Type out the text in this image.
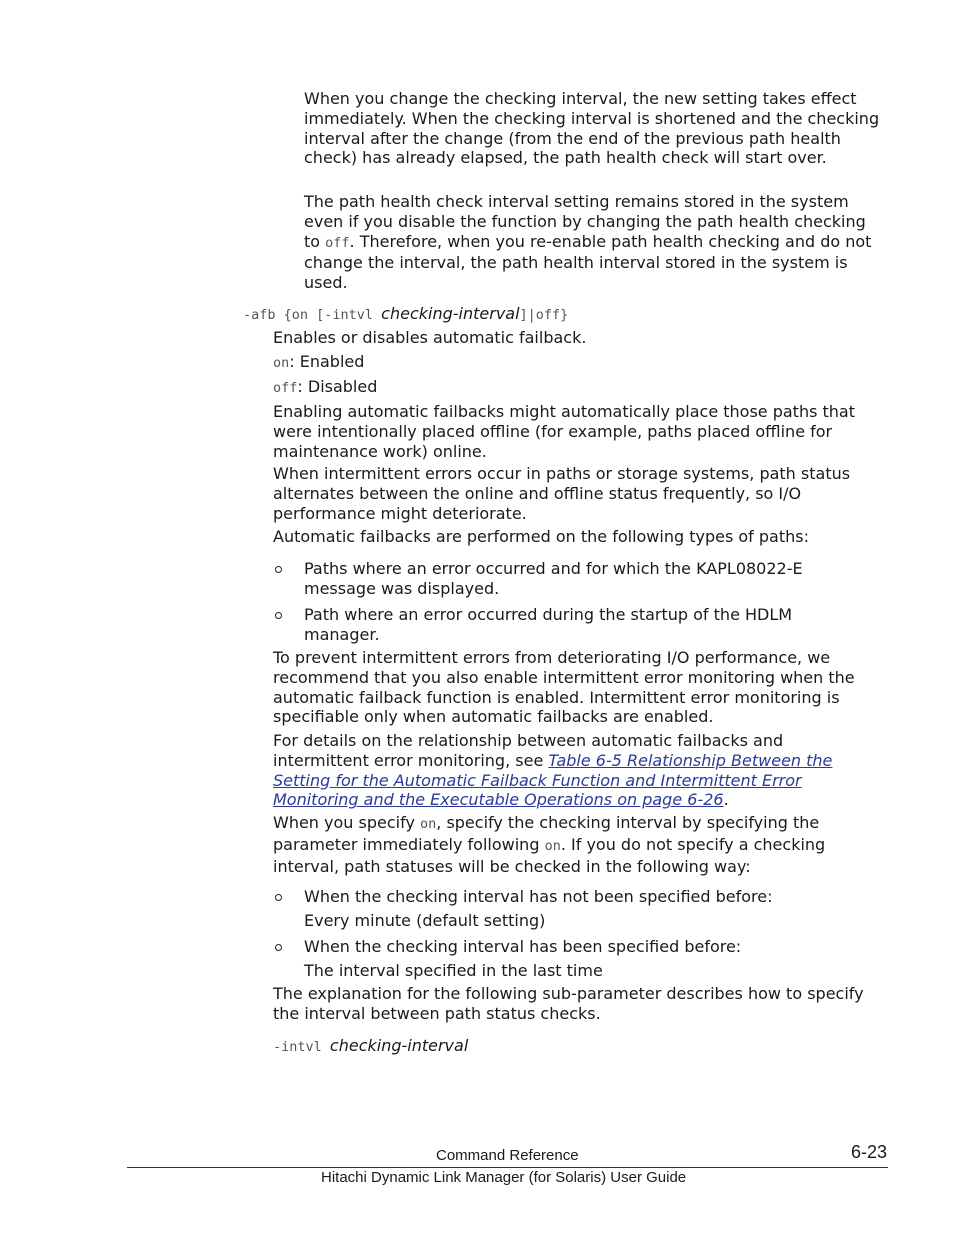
When you change the checking interval, the new setting takes effect immediately. When the checking interval is shortened and the checking interval after the change (from the end of the previous path health check) has already elapsed, the path health check will start over.

The path health check interval setting remains stored in the system even if you disable the function by changing the path health checking to off. Therefore, when you re-enable path health checking and do not change the interval, the path health interval stored in the system is used.

-afb {on [-intvl checking-interval]|off}

Enables or disables automatic failback.

on: Enabled

off: Disabled

Enabling automatic failbacks might automatically place those paths that were intentionally placed offline (for example, paths placed offline for maintenance work) online.

When intermittent errors occur in paths or storage systems, path status alternates between the online and offline status frequently, so I/O performance might deteriorate.

Automatic failbacks are performed on the following types of paths:

Paths where an error occurred and for which the KAPL08022-E message was displayed.

Path where an error occurred during the startup of the HDLM manager.

To prevent intermittent errors from deteriorating I/O performance, we recommend that you also enable intermittent error monitoring when the automatic failback function is enabled. Intermittent error monitoring is specifiable only when automatic failbacks are enabled.

For details on the relationship between automatic failbacks and intermittent error monitoring, see Table 6-5 Relationship Between the Setting for the Automatic Failback Function and Intermittent Error Monitoring and the Executable Operations on page 6-26.

When you specify on, specify the checking interval by specifying the parameter immediately following on. If you do not specify a checking interval, path statuses will be checked in the following way:

When the checking interval has not been specified before:

Every minute (default setting)

When the checking interval has been specified before:

The interval specified in the last time

The explanation for the following sub-parameter describes how to specify the interval between path status checks.

-intvl checking-interval

Command Reference	6-23
Hitachi Dynamic Link Manager (for Solaris) User Guide
